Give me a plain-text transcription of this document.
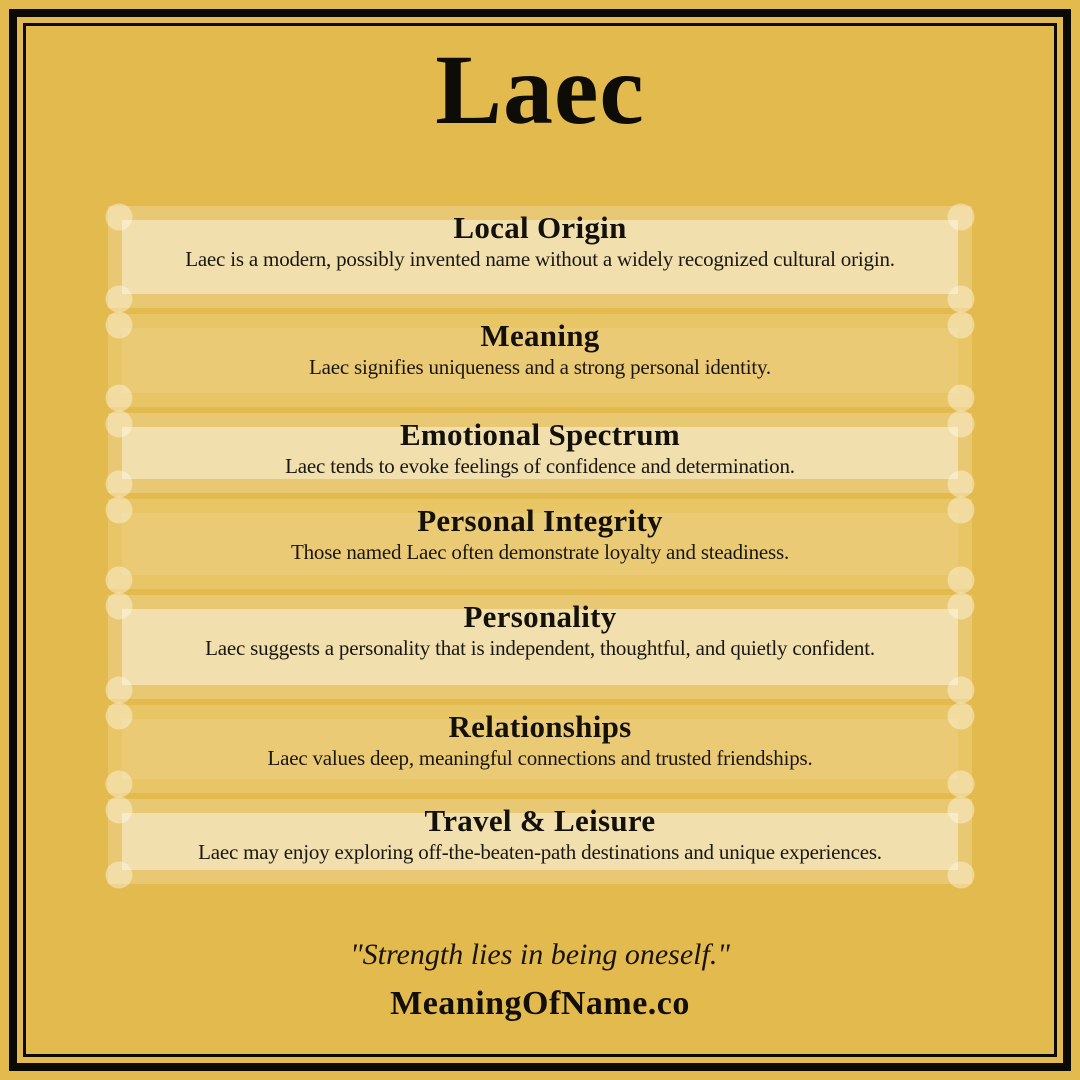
Laec
Local Origin

Laec is a modern, possibly invented name without a widely recognized cultural origin.

Meaning

Laec signifies uniqueness and a strong personal identity.

Emotional Spectrum

Laec tends to evoke feelings of confidence and determination.

Personal Integrity

Those named Laec often demonstrate loyalty and steadiness.

Personality

Laec suggests a personality that is independent, thoughtful, and quietly confident.

Relationships

Laec values deep, meaningful connections and trusted friendships.

Travel & Leisure

Laec may enjoy exploring off-the-beaten-path destinations and unique experiences.

"Strength lies in being oneself."

MeaningOfName.co
